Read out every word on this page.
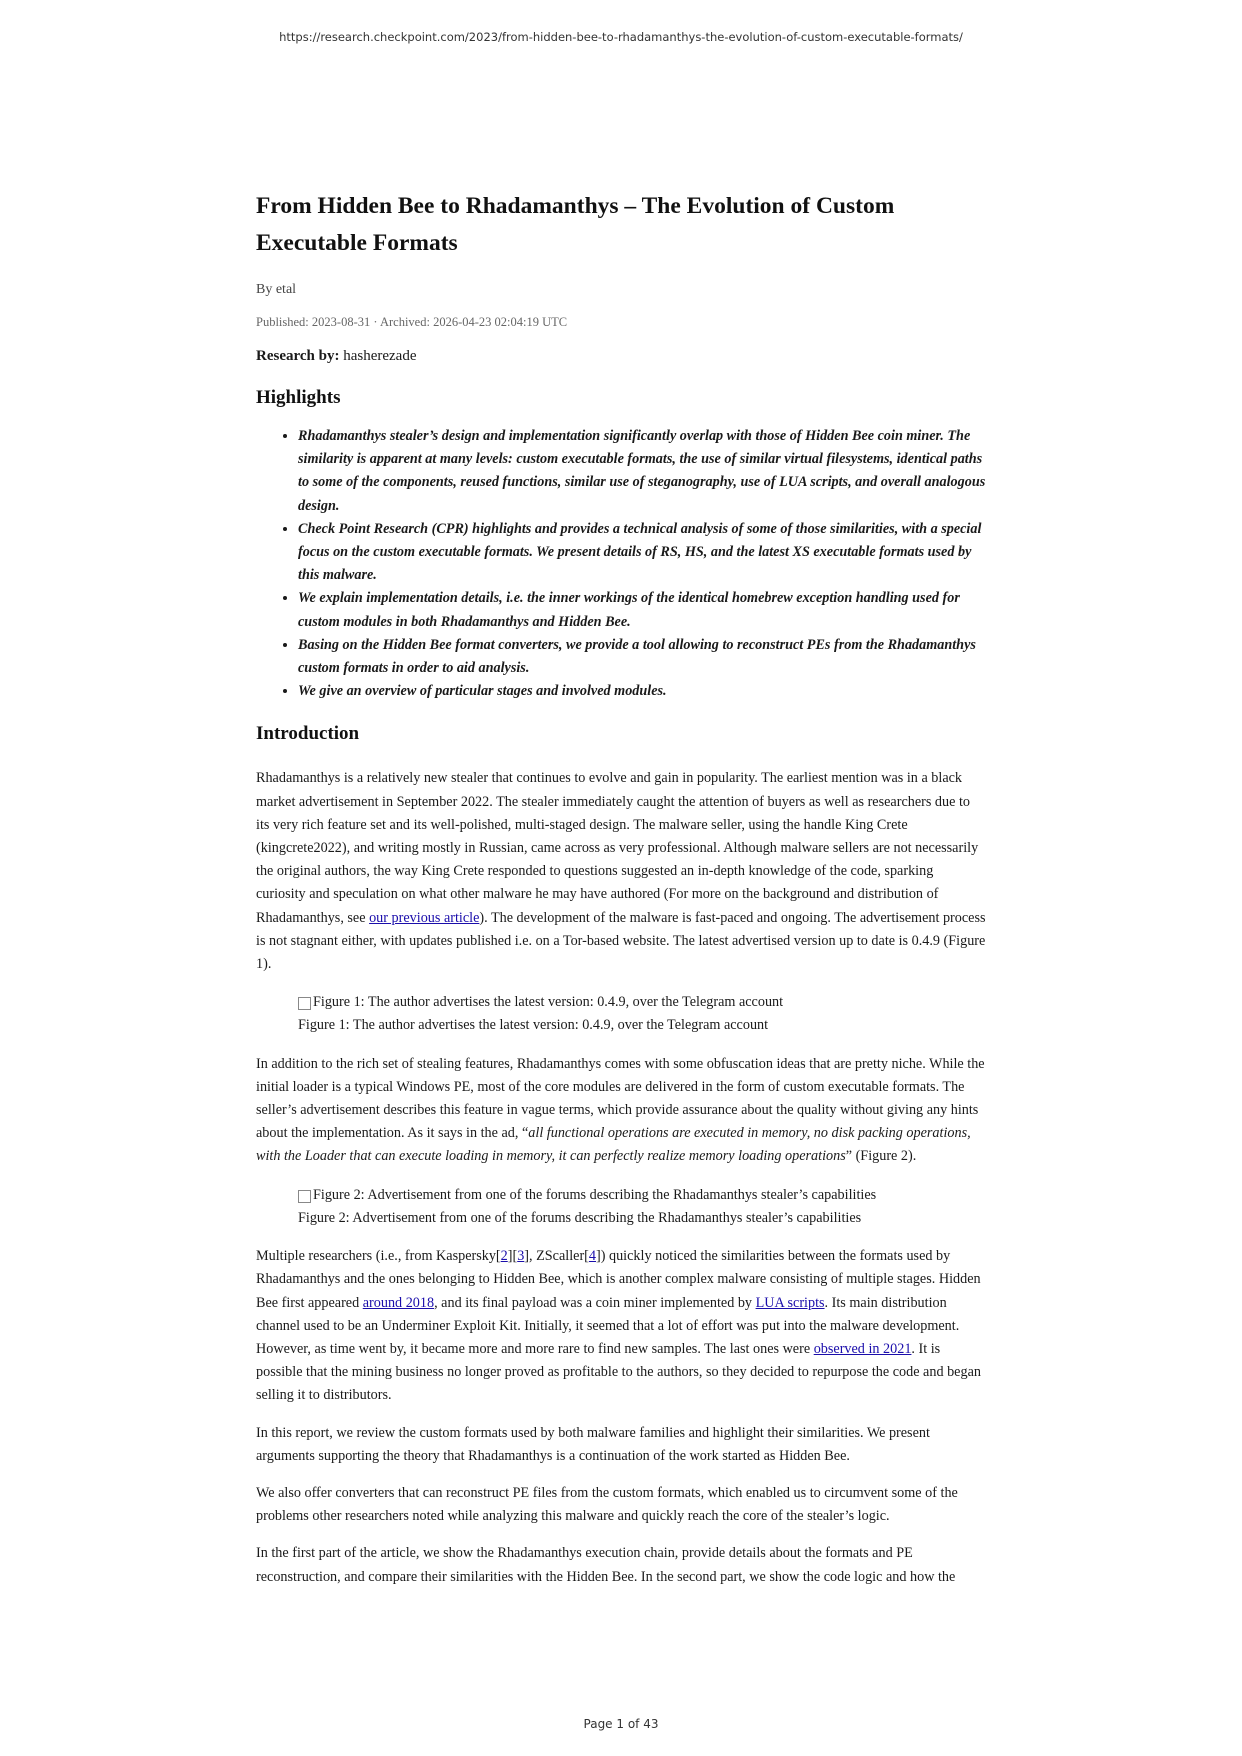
https://research.checkpoint.com/2023/from-hidden-bee-to-rhadamanthys-the-evolution-of-custom-executable-formats/
From Hidden Bee to Rhadamanthys – The Evolution of Custom Executable Formats
By etal
Published: 2023-08-31 · Archived: 2026-04-23 02:04:19 UTC
Research by: hasherezade
Highlights
• Rhadamanthys stealer’s design and implementation significantly overlap with those of Hidden Bee coin miner. The similarity is apparent at many levels: custom executable formats, the use of similar virtual filesystems, identical paths to some of the components, reused functions, similar use of steganography, use of LUA scripts, and overall analogous design.
• Check Point Research (CPR) highlights and provides a technical analysis of some of those similarities, with a special focus on the custom executable formats. We present details of RS, HS, and the latest XS executable formats used by this malware.
• We explain implementation details, i.e. the inner workings of the identical homebrew exception handling used for custom modules in both Rhadamanthys and Hidden Bee.
• Basing on the Hidden Bee format converters, we provide a tool allowing to reconstruct PEs from the Rhadamanthys custom formats in order to aid analysis.
• We give an overview of particular stages and involved modules.
Introduction

Rhadamanthys is a relatively new stealer that continues to evolve and gain in popularity. The earliest mention was in a black market advertisement in September 2022. The stealer immediately caught the attention of buyers as well as researchers due to its very rich feature set and its well-polished, multi-staged design. The malware seller, using the handle King Crete (kingcrete2022), and writing mostly in Russian, came across as very professional. Although malware sellers are not necessarily the original authors, the way King Crete responded to questions suggested an in-depth knowledge of the code, sparking curiosity and speculation on what other malware he may have authored (For more on the background and distribution of Rhadamanthys, see our previous article). The development of the malware is fast-paced and ongoing. The advertisement process is not stagnant either, with updates published i.e. on a Tor-based website. The latest advertised version up to date is 0.4.9 (Figure 1).

Figure 1: The author advertises the latest version: 0.4.9, over the Telegram account
Figure 1: The author advertises the latest version: 0.4.9, over the Telegram account

In addition to the rich set of stealing features, Rhadamanthys comes with some obfuscation ideas that are pretty niche. While the initial loader is a typical Windows PE, most of the core modules are delivered in the form of custom executable formats. The seller’s advertisement describes this feature in vague terms, which provide assurance about the quality without giving any hints about the implementation. As it says in the ad, “all functional operations are executed in memory, no disk packing operations, with the Loader that can execute loading in memory, it can perfectly realize memory loading operations” (Figure 2).

Figure 2: Advertisement from one of the forums describing the Rhadamanthys stealer’s capabilities
Figure 2: Advertisement from one of the forums describing the Rhadamanthys stealer’s capabilities

Multiple researchers (i.e., from Kaspersky[2][3], ZScaller[4]) quickly noticed the similarities between the formats used by Rhadamanthys and the ones belonging to Hidden Bee, which is another complex malware consisting of multiple stages. Hidden Bee first appeared around 2018, and its final payload was a coin miner implemented by LUA scripts. Its main distribution channel used to be an Underminer Exploit Kit. Initially, it seemed that a lot of effort was put into the malware development. However, as time went by, it became more and more rare to find new samples. The last ones were observed in 2021. It is possible that the mining business no longer proved as profitable to the authors, so they decided to repurpose the code and began selling it to distributors.

In this report, we review the custom formats used by both malware families and highlight their similarities. We present arguments supporting the theory that Rhadamanthys is a continuation of the work started as Hidden Bee.

We also offer converters that can reconstruct PE files from the custom formats, which enabled us to circumvent some of the problems other researchers noted while analyzing this malware and quickly reach the core of the stealer’s logic.

In the first part of the article, we show the Rhadamanthys execution chain, provide details about the formats and PE reconstruction, and compare their similarities with the Hidden Bee. In the second part, we show the code logic and how the

Page 1 of 43
